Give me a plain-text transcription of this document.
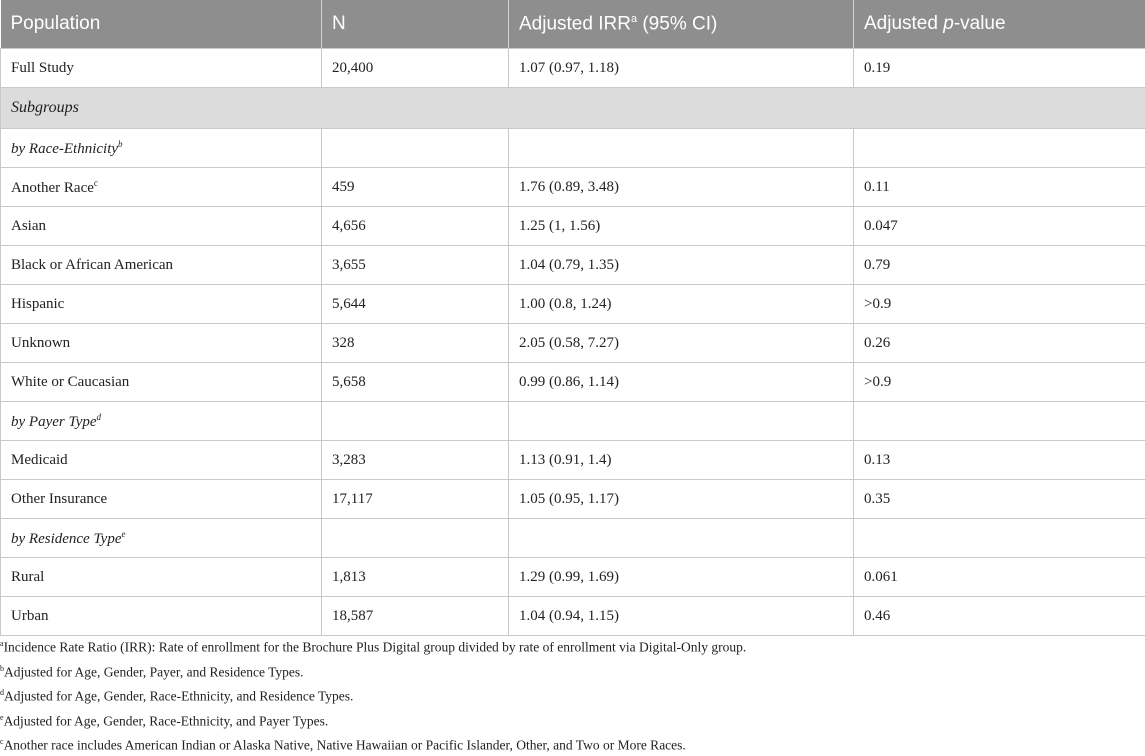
Population	N	Adjusted IRR$^a$ (95% CI)	Adjusted p-value
Full Study	20,400	1.07 (0.97, 1.18)	0.19
Subgroups			
by Race-Ethnicity$^b$			
Another Race$^c$	459	1.76 (0.89, 3.48)	0.11
Asian	4,656	1.25 (1, 1.56)	0.047
Black or African American	3,655	1.04 (0.79, 1.35)	0.79
Hispanic	5,644	1.00 (0.8, 1.24)	>0.9
Unknown	328	2.05 (0.58, 7.27)	0.26
White or Caucasian	5,658	0.99 (0.86, 1.14)	>0.9
by Payer Type$^d$			
Medicaid	3,283	1.13 (0.91, 1.4)	0.13
Other Insurance	17,117	1.05 (0.95, 1.17)	0.35
by Residence Type$^e$			
Rural	1,813	1.29 (0.99, 1.69)	0.061
Urban	18,587	1.04 (0.94, 1.15)	0.46
$^a$Incidence Rate Ratio (IRR): Rate of enrollment for the Brochure Plus Digital group divided by rate of enrollment via Digital-Only group.
$^b$Adjusted for Age, Gender, Payer, and Residence Types.
$^d$Adjusted for Age, Gender, Race-Ethnicity, and Residence Types.
$^e$Adjusted for Age, Gender, Race-Ethnicity, and Payer Types.
$^c$Another race includes American Indian or Alaska Native, Native Hawaiian or Pacific Islander, Other, and Two or More Races.
